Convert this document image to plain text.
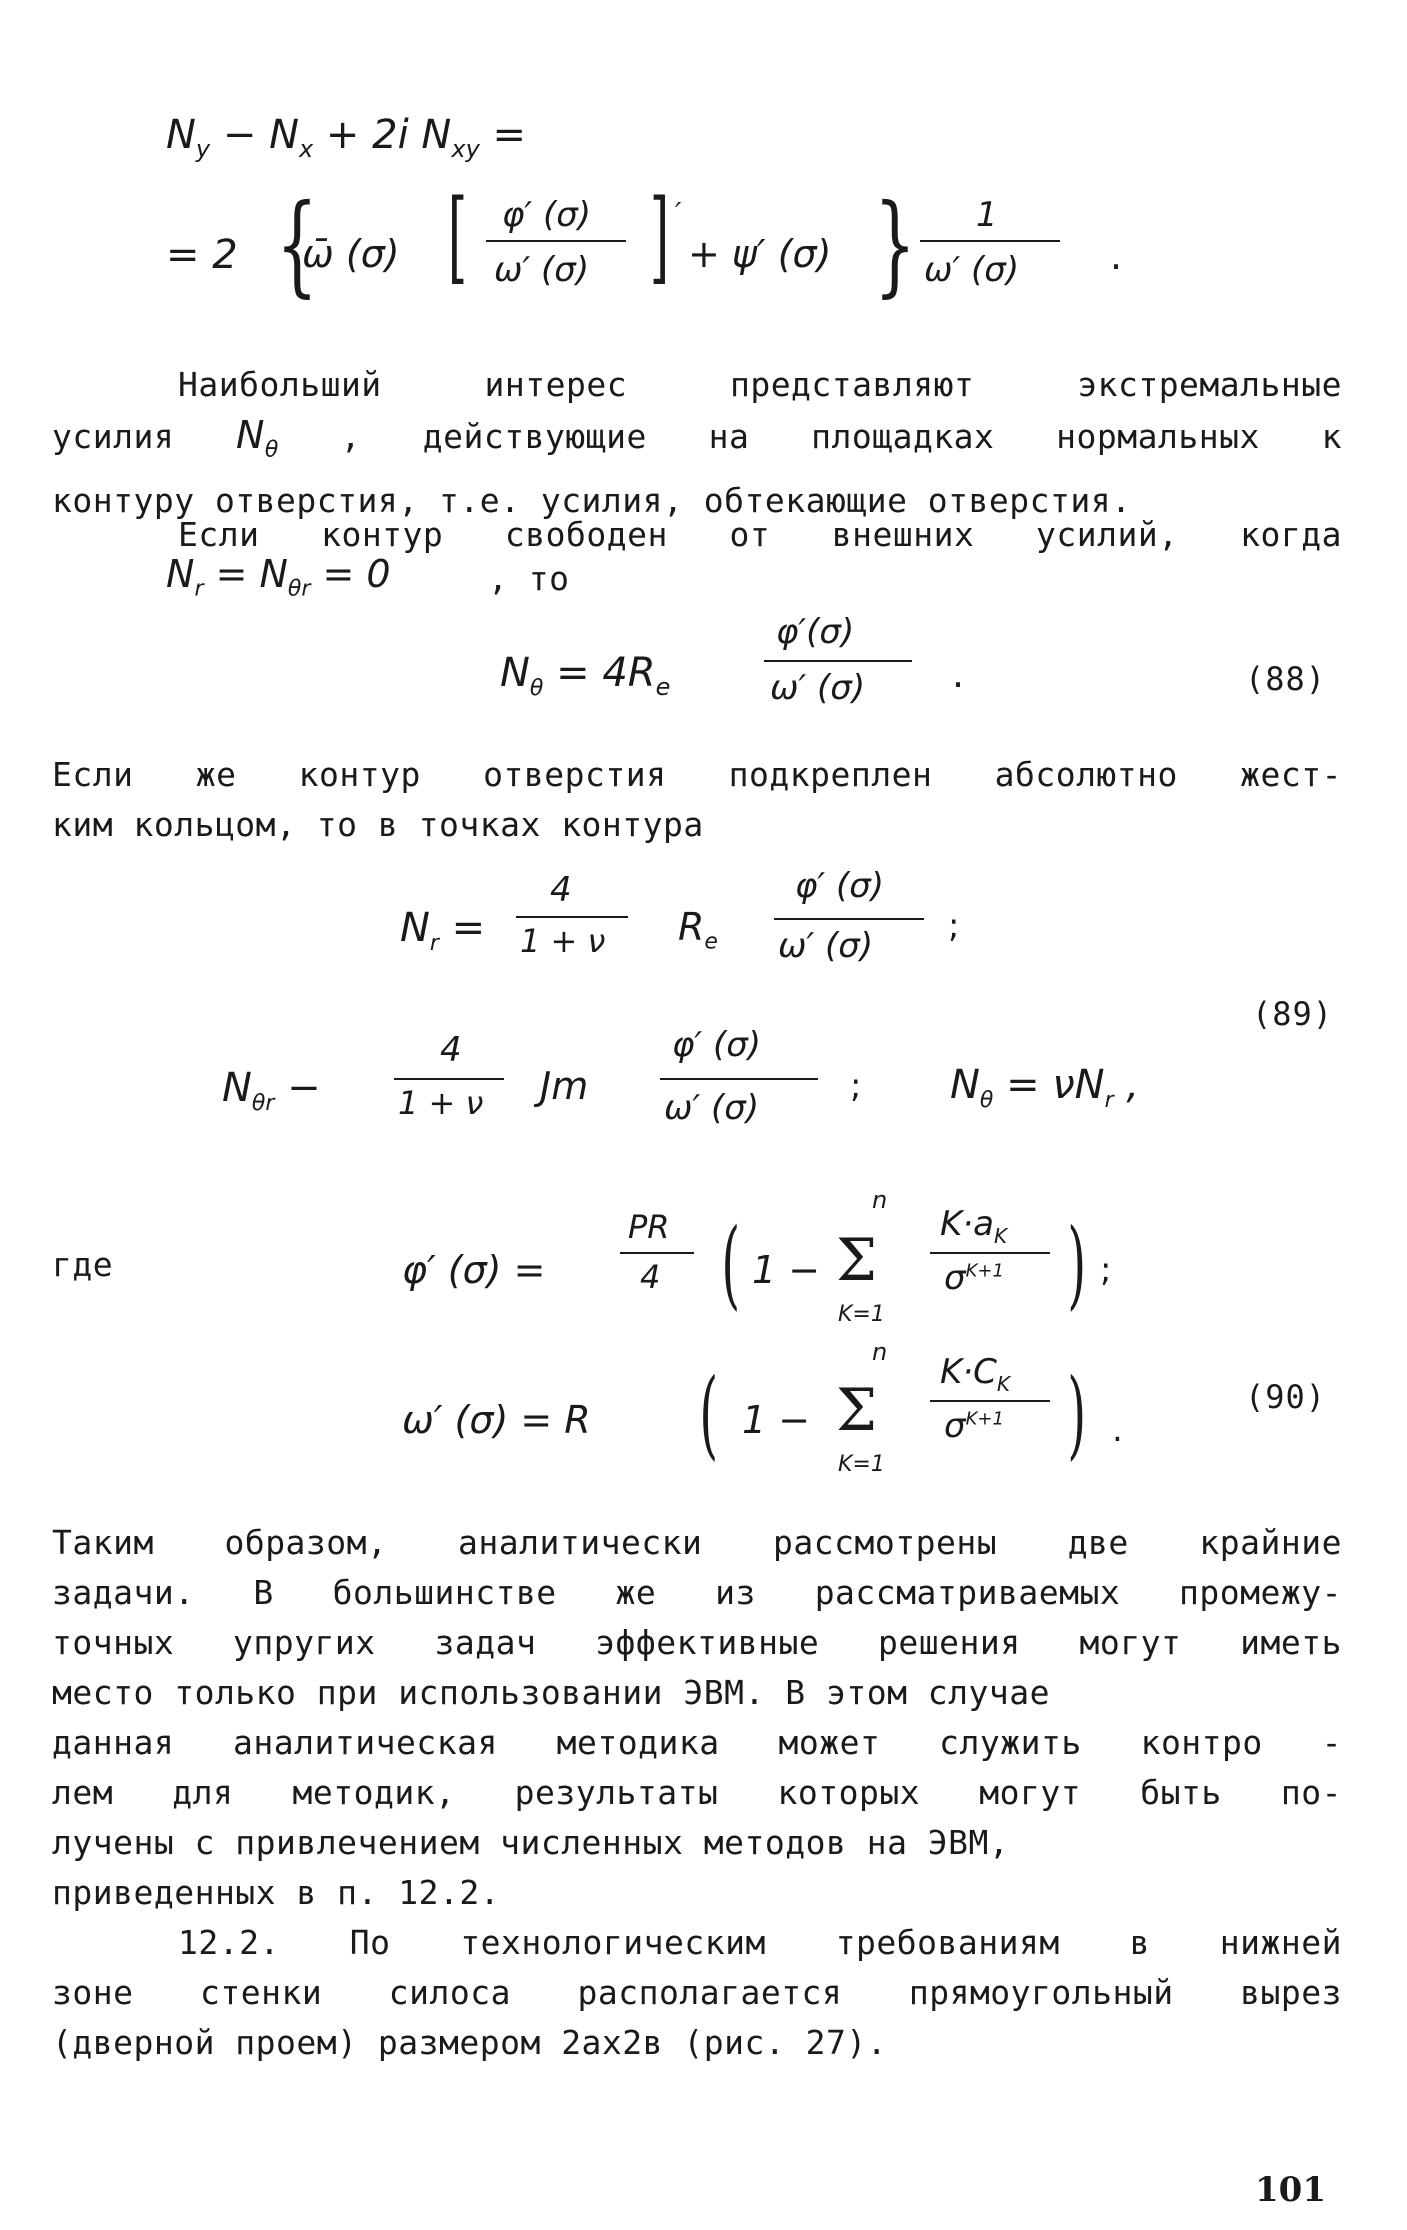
$N_y - N_x + 2i$ $N_{xy}$ =
= 2 {
ω̄ (σ) [ φ′ (σ)
ω′ (σ) ] ′
+ ψ′ (σ) } 1
ω′ (σ) .
Наибольший интерес представляют экстремальные
усилия $N_\theta$ , действующие на площадках нормальных к
контуру отверстия, т.е. усилия, обтекающие отверстия.
Если контур свободен от внешних усилий, когда
$N_r = N_{\theta r} = 0$	, то
$N_\theta = 4R_e$
φ′(σ)
ω′ (σ) .	(88)
Если же контур отверстия подкреплен абсолютно жест-
ким кольцом, то в точках контура
$N_r$ =
4
1 + ν $R_e$
φ′ (σ)
ω′ (σ) ;
(89)
$N_{\theta r}$ −
4
1 + ν Jm
φ′ (σ)
ω′ (σ)
; $N_\theta = \nu N_r$ ,
где	φ′ (σ) =
PR
4 ( 1 −
n
Σ
K=1
$K\cdot a_K$
$\sigma^{K+1}$ ) ;
ω′ (σ) = R ( 1 −
n
Σ
K=1
$K\cdot C_K$
$\sigma^{K+1}$ ) .
(90)
Таким образом, аналитически рассмотрены две крайние
задачи. В большинстве же из рассматриваемых промежу-
точных упругих задач эффективные решения могут иметь
место только при использовании ЭВМ. В этом случае
данная аналитическая методика может служить контро -
лем для методик, результаты которых могут быть по-
лучены с привлечением численных методов на ЭВМ,
приведенных в п. 12.2.
12.2. По технологическим требованиям в нижней
зоне стенки силоса располагается прямоугольный вырез
(дверной проем) размером 2ах2в (рис. 27).
101
